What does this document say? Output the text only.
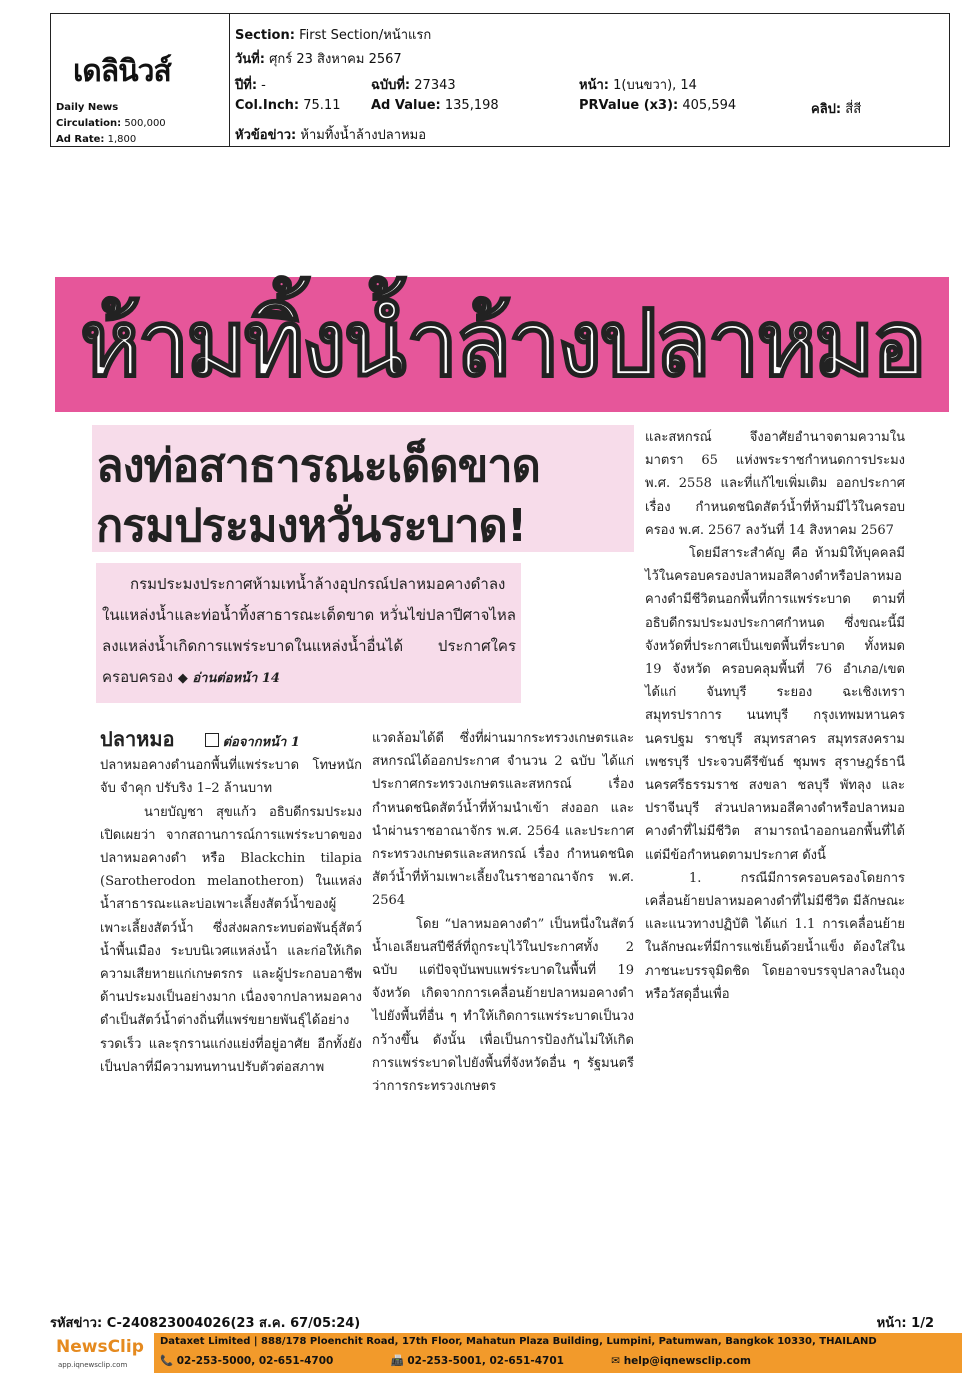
เดลินิวส์
Daily News
Circulation: 500,000
Ad Rate: 1,800
Section: First Section/หน้าแรก
วันที่: ศุกร์ 23 สิงหาคม 2567
ปีที่: -	ฉบับที่: 27343	หน้า: 1(บนขวา), 14
Col.Inch: 75.11 Ad Value: 135,198	PRValue (x3): 405,594	คลิป: สี่สี
หัวข้อข่าว: ห้ามทิ้งน้ำล้างปลาหมอ
ห้ามทิ้งน้ำล้างปลาหมอ
ลงท่อสาธารณะเด็ดขาด
กรมประมงหวั่นระบาด!

กรมประมงประกาศห้ามเทน้ำล้างอุปกรณ์ปลาหมอคางดำลงในแหล่งน้ำและท่อน้ำทิ้งสาธารณะเด็ดขาด หวั่นไข่ปลาปีศาจไหลลงแหล่งน้ำเกิดการแพร่ระบาดในแหล่งน้ำอื่นได้ ประกาศใครครอบครอง ◆ อ่านต่อหน้า 14

ปลาหมอ	ต่อจากหน้า 1

ปลาหมอคางดำนอกพื้นที่แพร่ระบาด โทษหนักจับ จำคุก ปรับริง 1–2 ล้านบาท

นายบัญชา สุขแก้ว อธิบดีกรมประมง เปิดเผยว่า จากสถานการณ์การแพร่ระบาดของปลาหมอคางดำ หรือ Blackchin tilapia (Sarotherodon melanotheron) ในแหล่งน้ำสาธารณะและบ่อเพาะเลี้ยงสัตว์น้ำของผู้เพาะเลี้ยงสัตว์น้ำ ซึ่งส่งผลกระทบต่อพันธุ์สัตว์น้ำพื้นเมือง ระบบนิเวศแหล่งน้ำ และก่อให้เกิดความเสียหายแก่เกษตรกร และผู้ประกอบอาชีพด้านประมงเป็นอย่างมาก เนื่องจากปลาหมอคางดำเป็นสัตว์น้ำต่างถิ่นที่แพร่ขยายพันธุ์ได้อย่างรวดเร็ว และรุกรานแก่งแย่งที่อยู่อาศัย อีกทั้งยังเป็นปลาที่มีความทนทานปรับตัวต่อสภาพ

แวดล้อมได้ดี ซึ่งที่ผ่านมากระทรวงเกษตรและสหกรณ์ได้ออกประกาศ จำนวน 2 ฉบับ ได้แก่ ประกาศกระทรวงเกษตรและสหกรณ์ เรื่อง กำหนดชนิดสัตว์น้ำที่ห้ามนำเข้า ส่งออก และนำผ่านราชอาณาจักร พ.ศ. 2564 และประกาศกระทรวงเกษตรและสหกรณ์ เรื่อง กำหนดชนิดสัตว์น้ำที่ห้ามเพาะเลี้ยงในราชอาณาจักร พ.ศ. 2564

โดย “ปลาหมอคางดำ” เป็นหนึ่งในสัตว์น้ำเอเลียนสปีชีส์ที่ถูกระบุไว้ในประกาศทั้ง 2 ฉบับ แต่ปัจจุบันพบแพร่ระบาดในพื้นที่ 19 จังหวัด เกิดจากการเคลื่อนย้ายปลาหมอคางดำไปยังพื้นที่อื่น ๆ ทำให้เกิดการแพร่ระบาดเป็นวงกว้างขึ้น ดังนั้น เพื่อเป็นการป้องกันไม่ให้เกิดการแพร่ระบาดไปยังพื้นที่จังหวัดอื่น ๆ รัฐมนตรีว่าการกระทรวงเกษตร

และสหกรณ์ จึงอาศัยอำนาจตามความในมาตรา 65 แห่งพระราชกำหนดการประมง พ.ศ. 2558 และที่แก้ไขเพิ่มเติม ออกประกาศ เรื่อง กำหนดชนิดสัตว์น้ำที่ห้ามมีไว้ในครอบครอง พ.ศ. 2567 ลงวันที่ 14 สิงหาคม 2567

โดยมีสาระสำคัญ คือ ห้ามมิให้บุคคลมีไว้ในครอบครองปลาหมอสีคางดำหรือปลาหมอคางดำมีชีวิตนอกพื้นที่การแพร่ระบาด ตามที่อธิบดีกรมประมงประกาศกำหนด ซึ่งขณะนี้มีจังหวัดที่ประกาศเป็นเขตพื้นที่ระบาด ทั้งหมด 19 จังหวัด ครอบคลุมพื้นที่ 76 อำเภอ/เขต ได้แก่ จันทบุรี ระยอง ฉะเชิงเทรา สมุทรปราการ นนทบุรี กรุงเทพมหานคร นครปฐม ราชบุรี สมุทรสาคร สมุทรสงคราม เพชรบุรี ประจวบคีรีขันธ์ ชุมพร สุราษฎร์ธานี นครศรีธรรมราช สงขลา ชลบุรี พัทลุง และปราจีนบุรี ส่วนปลาหมอสีคางดำหรือปลาหมอคางดำที่ไม่มีชีวิต สามารถนำออกนอกพื้นที่ได้ แต่มีข้อกำหนดตามประกาศ ดังนี้

1. กรณีมีการครอบครองโดยการเคลื่อนย้ายปลาหมอคางดำที่ไม่มีชีวิต มีลักษณะและแนวทางปฏิบัติ ได้แก่ 1.1 การเคลื่อนย้ายในลักษณะที่มีการแช่เย็นด้วยน้ำแข็ง ต้องใส่ในภาชนะบรรจุมิดชิด โดยอาจบรรจุปลาลงในถุงหรือวัสดุอื่นเพื่อ

รหัสข่าว: C-240823004026(23 ส.ค. 67/05:24)	หน้า: 1/2
NewsClip
app.iqnewsclip.com
Dataxet Limited | 888/178 Ploenchit Road, 17th Floor, Mahatun Plaza Building, Lumpini, Patumwan, Bangkok 10330, THAILAND
📞 02-253-5000, 02-651-4700	📠 02-253-5001, 02-651-4701	✉ help@iqnewsclip.com
